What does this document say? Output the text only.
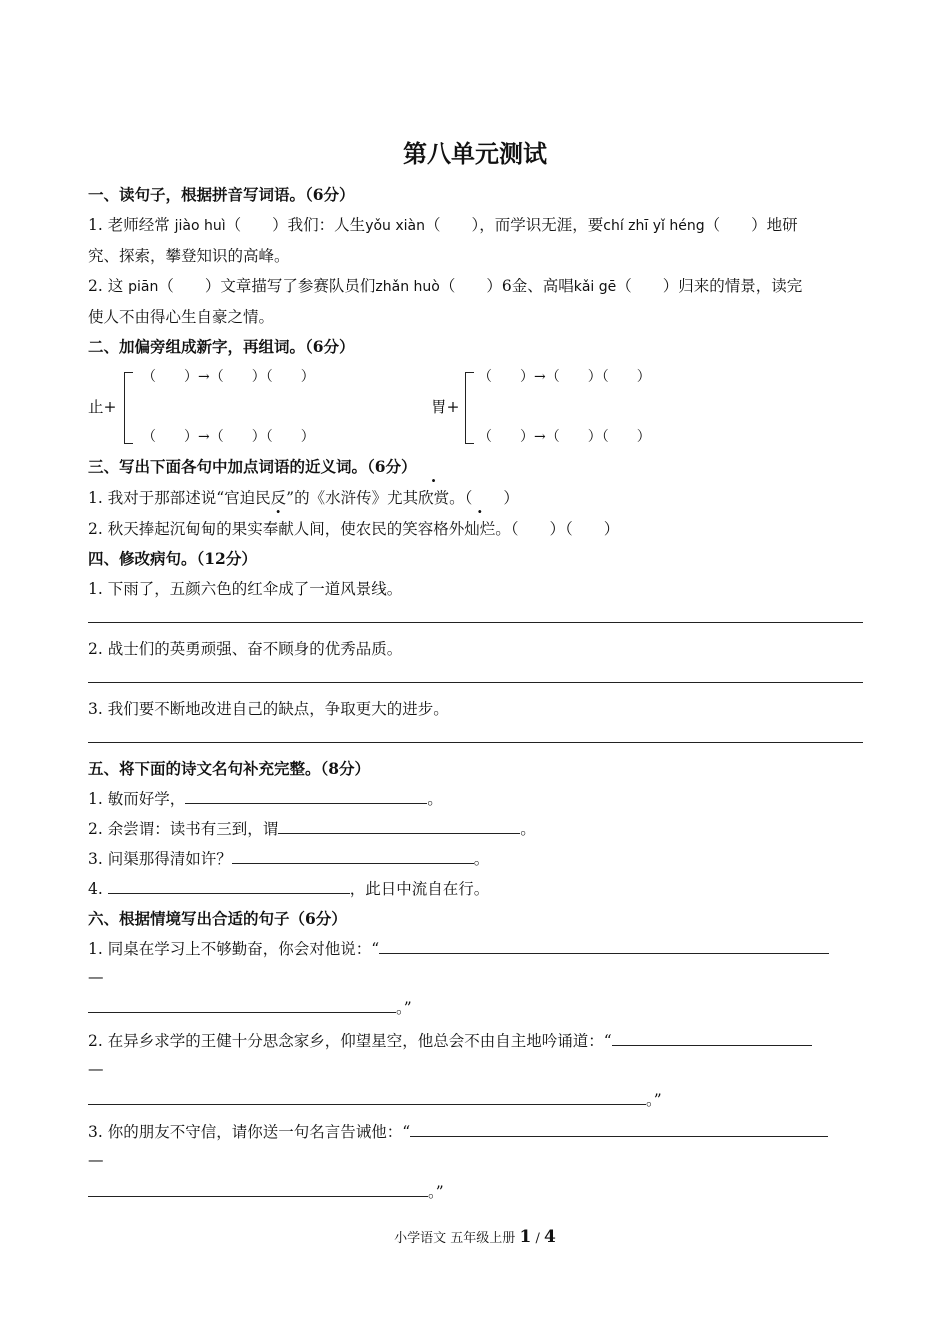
第八单元测试
一、读句子，根据拼音写词语。（6分）
1. 老师经常 jiào huì（　　）我们：人生yǒu xiàn（　　），而学识无涯，要chí zhī yǐ héng（　　）地研
究、探索，攀登知识的高峰。
2. 这 piān（　　）文章描写了参赛队员们zhǎn huò（　　）6金、高唱kǎi gē（　　）归来的情景，读完
使人不由得心生自豪之情。
二、加偏旁组成新字，再组词。（6分）
止+
（　　）→（　　）（　　）
（　　）→（　　）（　　）
胃+
（　　）→（　　）（　　）
（　　）→（　　）（　　）
三、写出下面各句中加点词语的近义词。（6分）
1. 我对于那部述说“官迫民反”的《水浒传》尤其欣赏。（　　）
2. 秋天捧起沉甸甸的果实奉献人间，使农民的笑容格外灿烂。（　　）（　　）
四、修改病句。（12分）
1. 下雨了，五颜六色的红伞成了一道风景线。
2. 战士们的英勇顽强、奋不顾身的优秀品质。
3. 我们要不断地改进自己的缺点，争取更大的进步。
五、将下面的诗文名句补充完整。（8分）
1. 敏而好学，	。
2. 余尝谓：读书有三到，谓	。
3. 问渠那得清如许？	。
4.	，此日中流自在行。
六、根据情境写出合适的句子（6分）
1. 同桌在学习上不够勤奋，你会对他说：“
—
。”
2. 在异乡求学的王健十分思念家乡，仰望星空，他总会不由自主地吟诵道：“
—
。”
3. 你的朋友不守信，请你送一句名言告诫他：“
—
。”
小学语文 五年级上册 1 / 4
